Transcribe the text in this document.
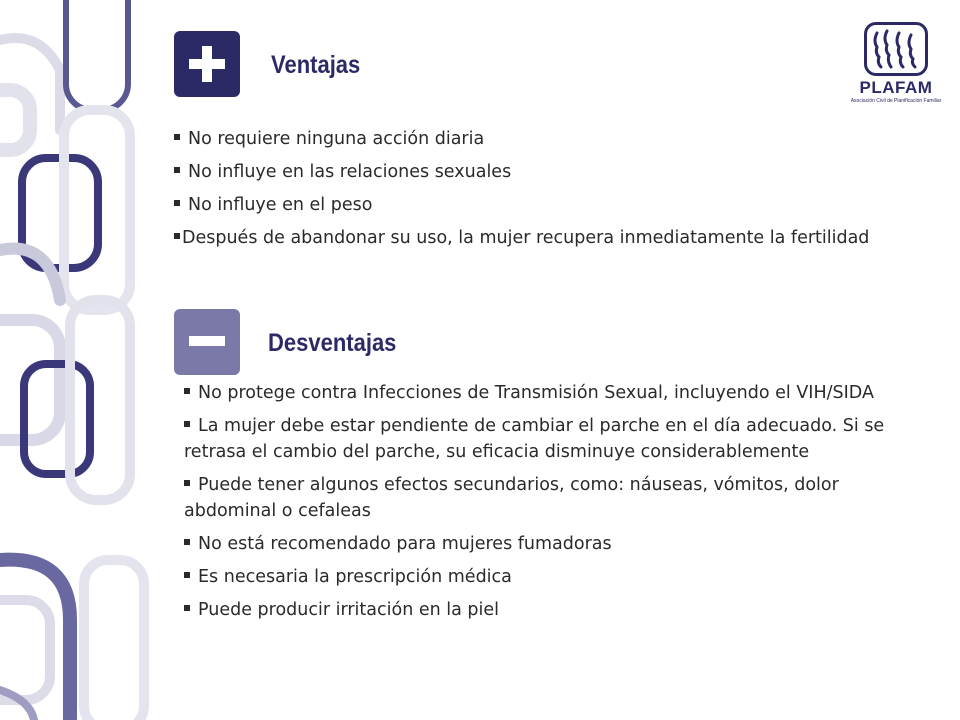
Ventajas
No requiere ninguna acción diaria
No influye en las relaciones sexuales
No influye en el peso
Después de abandonar su uso, la mujer recupera inmediatamente la fertilidad
Desventajas
No protege contra Infecciones de Transmisión Sexual, incluyendo el VIH/SIDA
La mujer debe estar pendiente de cambiar el parche en el día adecuado. Si se retrasa el cambio del parche, su eficacia disminuye considerablemente
Puede tener algunos efectos secundarios, como: náuseas, vómitos, dolor abdominal o cefaleas
No está recomendado para mujeres fumadoras
Es necesaria la prescripción médica
Puede producir irritación en la piel
PLAFAM
Asociación Civil de Planificación Familiar
